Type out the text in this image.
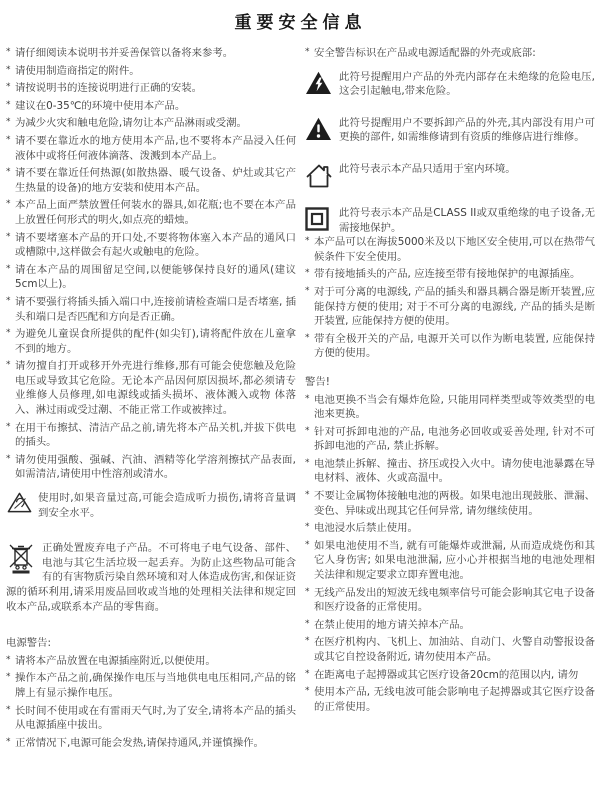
重要安全信息
* 请仔细阅读本说明书并妥善保管以备将来参考。
* 请使用制造商指定的附件。
* 请按说明书的连接说明进行正确的安装。
* 建议在0-35℃的环境中使用本产品。
* 为减少火灾和触电危险,请勿让本产品淋雨或受潮。
* 请不要在靠近水的地方使用本产品,也不要将本产品浸入任何液体中或将任何液体滴落、泼溅到本产品上。
* 请不要在靠近任何热源(如散热器、暖气设备、炉灶或其它产生热量的设备)的地方安装和使用本产品。
* 本产品上面严禁放置任何装水的器具,如花瓶;也不要在本产品上放置任何形式的明火,如点亮的蜡烛。
* 请不要堵塞本产品的开口处,不要将物体塞入本产品的通风口或槽隙中,这样做会有起火或触电的危险。
* 请在本产品的周围留足空间,以便能够保持良好的通风(建议5cm以上)。
* 请不要强行将插头插入端口中,连接前请检查端口是否堵塞, 插头和端口是否匹配和方向是否正确。
* 为避免儿童误食所提供的配件(如尖钉),请将配件放在儿童拿不到的地方。
* 请勿擅自打开或移开外壳进行维修,那有可能会使您触及危险电压或导致其它危险。无论本产品因何原因损坏,都必须请专业维修人员修理,如电源线或插头损坏、液体溅入或物 体落入、淋过雨或受过潮、不能正常工作或被摔过。
* 在用干布擦拭、清洁产品之前,请先将本产品关机,并拔下供电的插头。
* 请勿使用强酸、强碱、汽油、酒精等化学溶剂擦拭产品表面,如需清洁,请使用中性溶剂或清水。
使用时,如果音量过高,可能会造成听力损伤,请将音量调到安全水平。
正确处置废弃电子产品。不可将电子电气设备、部件、电池与其它生活垃圾一起丢弃。为防止这些物品可能含有的有害物质污染自然环境和对人体造成伤害,和保证资源的循环利用,请采用废品回收或当地的处理相关法律和规定回收本产品,或联系本产品的零售商。
电源警告:
* 请将本产品放置在电源插座附近,以便使用。
* 操作本产品之前,确保操作电压与当地供电电压相同,产品的铭牌上有显示操作电压。
* 长时间不使用或在有雷雨天气时,为了安全,请将本产品的插头从电源插座中拔出。
* 正常情况下,电源可能会发热,请保持通风,并谨慎操作。
* 安全警告标识在产品或电源适配器的外壳或底部:
此符号提醒用户产品的外壳内部存在未绝缘的危险电压,这会引起触电,带来危险。
此符号提醒用户不要拆卸产品的外壳,其内部没有用户可更换的部件, 如需维修请到有资质的维修店进行维修。
此符号表示本产品只适用于室内环境。
此符号表示本产品是CLASS II或双重绝缘的电子设备,无需接地保护。
* 本产品可以在海拔5000米及以下地区安全使用,可以在热带气候条件下安全使用。
* 带有接地插头的产品, 应连接至带有接地保护的电源插座。
* 对于可分离的电源线, 产品的插头和器具耦合器是断开装置,应能保持方便的使用; 对于不可分离的电源线, 产品的插头是断开装置, 应能保持方便的使用。
* 带有全极开关的产品, 电源开关可以作为断电装置, 应能保持方便的使用。
警告!
* 电池更换不当会有爆炸危险, 只能用同样类型或等效类型的电池来更换。
* 针对可拆卸电池的产品, 电池务必回收或妥善处理, 针对不可拆卸电池的产品, 禁止拆解。
* 电池禁止拆解、撞击、挤压或投入火中。请勿使电池暴露在导电材料、液体、火或高温中。
* 不要让金属物体接触电池的两极。如果电池出现鼓胀、泄漏、变色、异味或出现其它任何异常, 请勿继续使用。
* 电池浸水后禁止使用。
* 如果电池使用不当, 就有可能爆炸或泄漏, 从而造成烧伤和其它人身伤害; 如果电池泄漏, 应小心并根据当地的电池处理相关法律和规定要求立即弃置电池。
* 无线产品发出的短波无线电频率信号可能会影响其它电子设备和医疗设备的正常使用。
* 在禁止使用的地方请关掉本产品。
* 在医疗机构内、飞机上、加油站、自动门、火警自动警报设备或其它自控设备附近, 请勿使用本产品。
* 在距离电子起搏器或其它医疗设备20cm的范围以内, 请勿
* 使用本产品, 无线电波可能会影响电子起搏器或其它医疗设备的正常使用。
